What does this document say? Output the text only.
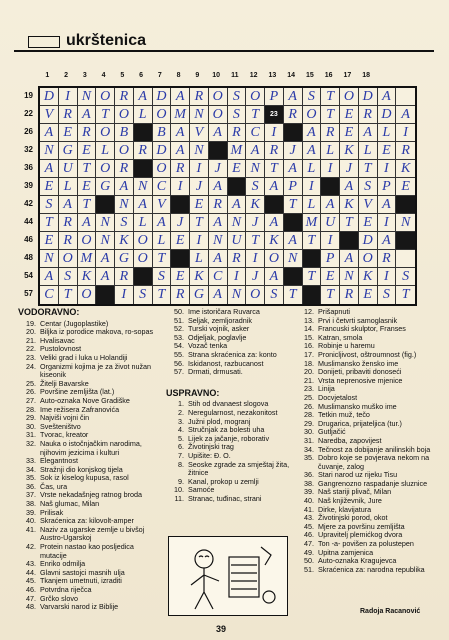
ukrštenica
1	2	3	4	5	6	7	8	9	10	11	12	13	14	15	16	17	18
19
22
26
32
36
39
42
44
46
48
54
57
D I N O R A D A R O S O P A S T O D A
V R A T O L O M N O S T	23 R O T E R D A
A E R O B	B A V A R C I	A R E A L I
N G E L O R D A N	M A R J A L K L E R
A U T O R	O R I J E N T A L I J T I K
E L E G A N C I J A	S A P I	A S P E
S A T	N A V	E R A K	T L A K V A
T R A N S L A J T A N J A	M U T E I N
E R O N K O L E I N U T K A T I	D A
N O M A G O T	L A R I O N	P A O R
A S K A R	S E K C I J A	T E N K I S
C T O	I S T R G A N O S T	T R E S T
VODORAVNO:
19. Centar (Jugoplastike)
20. Biljka iz porodice makova, ro-sopas
21. Hvalisavac
22. Pustolovnost
23. Veliki grad i luka u Holandiji
24. Organizmi kojima je za život nužan kiseonik
25. Žitelji Bavarske
26. Površine zemljišta (lat.)
27. Auto-oznaka Nove Gradiške
28. Ime režisera Zafranovića
29. Najviši vojni čin
30. Svešteništvo
31. Tvorac, kreator
32. Nauka o istočnjačkim narodima, njihovim jezicima i kulturi
33. Elegantnost
34. Stražnji dio konjskog tijela
35. Sok iz kiselog kupusa, rasol
36. Čas, ura
37. Vrste nekadašnjeg ratnog broda
38. Naš glumac, Milan
39. Prilisak
40. Skraćenica za: kilovolt-amper
41. Naziv za ugarske zemlje u bivšoj Austro-Ugarskoj
42. Protein nastao kao posljedica mutacije
43. Enriko odmilja
44. Glavni sastojci masnih ulja
45. Tkanjem umetnuti, izraditi
46. Potvrdna riječca
47. Grčko slovo
48. Varvarski narod iz Biblije
50. Ime istoričara Ruvarca
51. Seljak, zemljoradnik
52. Turski vojnik, asker
53. Odjeljak, poglavlje
54. Vozač tenka
55. Strana skraćenica za: konto
56. Iskidanost, razbucanost
57. Drmati, drmusati.
USPRAVNO:
1. Stih od dvanaest slogova
2. Neregularnost, nezakonitost
3. Južni plod, mogranj
4. Stručnjak za bolesti uha
5. Lijek za jačanje, roborativ
6. Životinjski trag
7. Upišite: Đ. O.
8. Seoske zgrade za smještaj žita, žitnice
9. Kanal, prokop u zemlji
10. Samoće
11. Stranac, tuđinac, strani
12. Prišapnuti
13. Prvi i četvrti samoglasnik
14. Francuski skulptor, Franses
15. Katran, smola
16. Robinje u haremu
17. Pronicljivost, oštroumnost (fig.)
18. Muslimansko žensko ime
20. Doniјeti, pribaviti donoseći
21. Vrsta neprenosive mjenice
23. Linija
25. Docvjetalost
26. Muslimansko muško ime
28. Tetkin muž, tečo
29. Drugarica, prijateljica (tur.)
30. Gutljačić
31. Naredba, zapovijest
34. Tečnost za dobijanje anilinskih boja
35. Dobro koje se povjerava nekom na čuvanje, zalog
36. Stari narod uz rijeku Tisu
38. Gangrenozno raspadanje sluznice
39. Naš stariji plivač, Milan
40. Naš književnik, Jure
41. Dirke, klavijatura
43. Životinjski porod, okot
45. Mjere za površinu zemljišta
46. Upravitelj plemićkog dvora
47. Ton -a- povišen za polustepen
49. Upitna zamjenica
50. Auto-oznaka Kragujevca
51. Skraćenica za: narodna republika
Radoja Racanović
39
